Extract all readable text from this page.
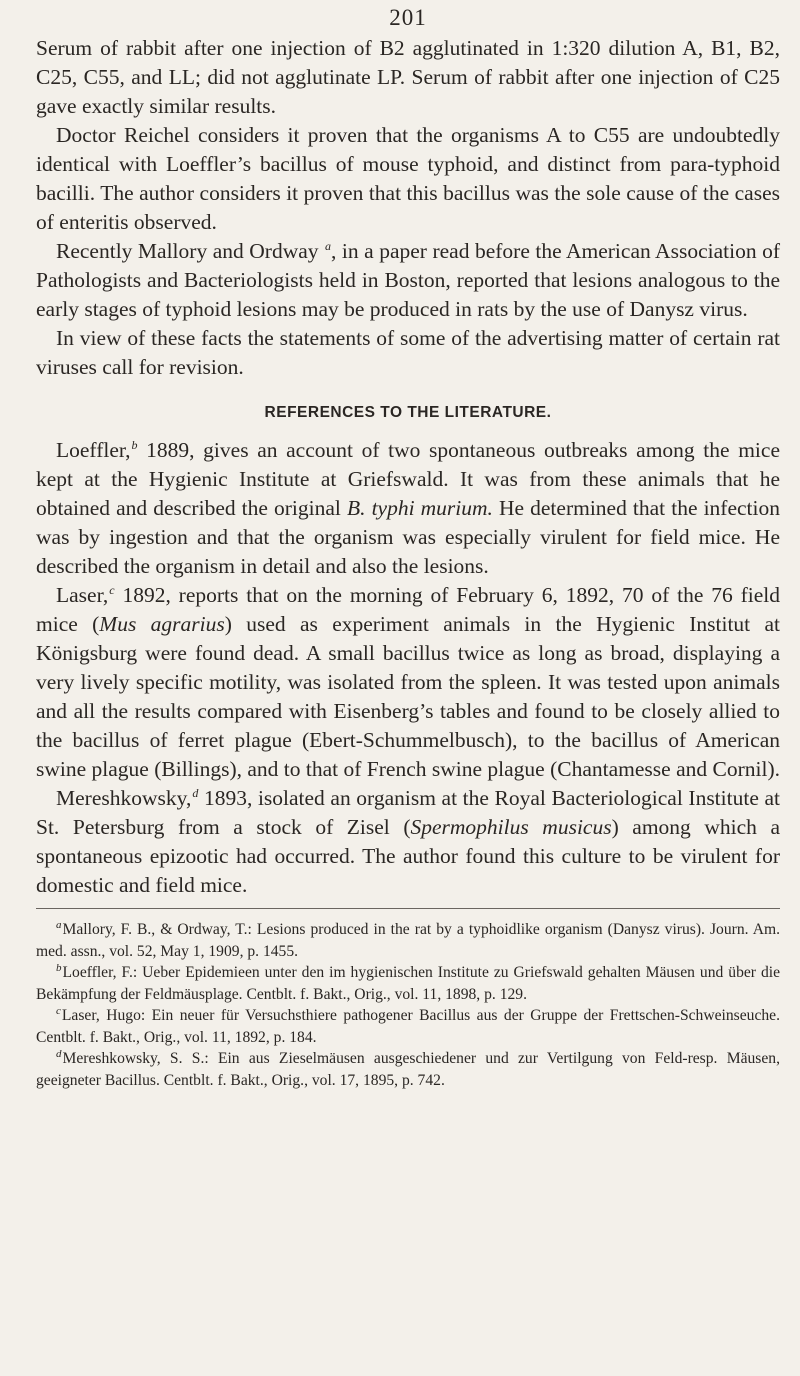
201

Serum of rabbit after one injection of B2 agglutinated in 1:320 dilution A, B1, B2, C25, C55, and LL; did not agglutinate LP. Serum of rabbit after one injection of C25 gave exactly similar results.

Doctor Reichel considers it proven that the organisms A to C55 are undoubtedly identical with Loeffler’s bacillus of mouse typhoid, and distinct from para-typhoid bacilli. The author considers it proven that this bacillus was the sole cause of the cases of enteritis observed.

Recently Mallory and Ordway $^a$, in a paper read before the American Association of Pathologists and Bacteriologists held in Boston, reported that lesions analogous to the early stages of typhoid lesions may be produced in rats by the use of Danysz virus.

In view of these facts the statements of some of the advertising matter of certain rat viruses call for revision.

REFERENCES TO THE LITERATURE.

Loeffler,$^b$ 1889, gives an account of two spontaneous outbreaks among the mice kept at the Hygienic Institute at Griefswald. It was from these animals that he obtained and described the original B. typhi murium. He determined that the infection was by ingestion and that the organism was especially virulent for field mice. He described the organism in detail and also the lesions.

Laser,$^c$ 1892, reports that on the morning of February 6, 1892, 70 of the 76 field mice (Mus agrarius) used as experiment animals in the Hygienic Institut at Königsburg were found dead. A small bacillus twice as long as broad, displaying a very lively specific motility, was isolated from the spleen. It was tested upon animals and all the results compared with Eisenberg’s tables and found to be closely allied to the bacillus of ferret plague (Ebert-Schummelbusch), to the bacillus of American swine plague (Billings), and to that of French swine plague (Chantamesse and Cornil).

Mereshkowsky,$^d$ 1893, isolated an organism at the Royal Bacteriological Institute at St. Petersburg from a stock of Zisel (Spermophilus musicus) among which a spontaneous epizootic had occurred. The author found this culture to be virulent for domestic and field mice.

$^a$Mallory, F. B., & Ordway, T.: Lesions produced in the rat by a typhoidlike organism (Danysz virus). Journ. Am. med. assn., vol. 52, May 1, 1909, p. 1455.

$^b$Loeffler, F.: Ueber Epidemieen unter den im hygienischen Institute zu Griefswald gehalten Mäusen und über die Bekämpfung der Feldmäusplage. Centblt. f. Bakt., Orig., vol. 11, 1898, p. 129.

$^c$Laser, Hugo: Ein neuer für Versuchsthiere pathogener Bacillus aus der Gruppe der Frettschen-Schweinseuche. Centblt. f. Bakt., Orig., vol. 11, 1892, p. 184.

$^d$Mereshkowsky, S. S.: Ein aus Zieselmäusen ausgeschiedener und zur Vertilgung von Feld-resp. Mäusen, geeigneter Bacillus. Centblt. f. Bakt., Orig., vol. 17, 1895, p. 742.
